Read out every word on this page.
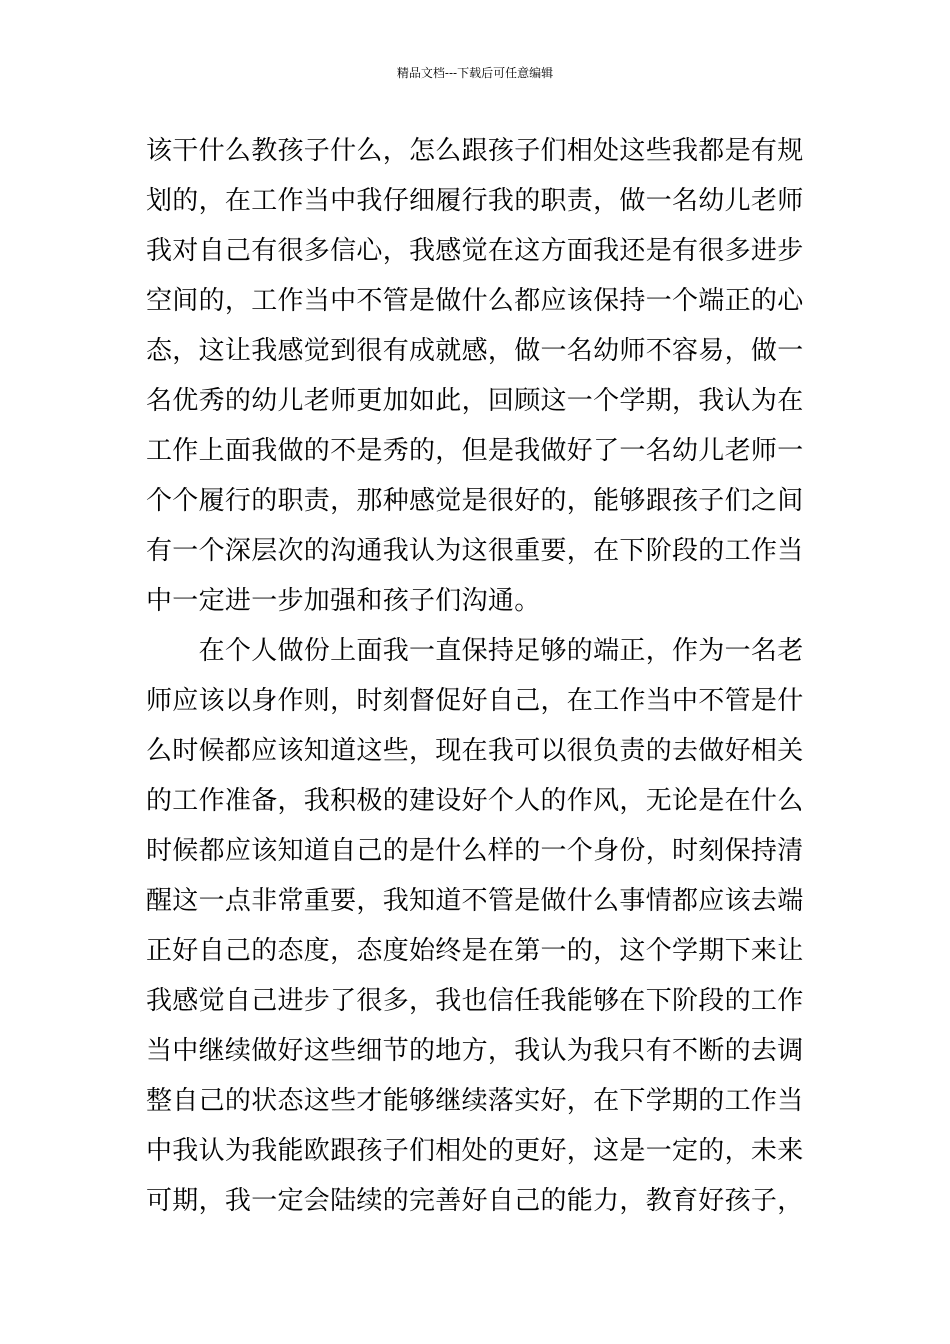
精品文档---下载后可任意编辑
该干什么教孩子什么，怎么跟孩子们相处这些我都是有规
划的，在工作当中我仔细履行我的职责，做一名幼儿老师
我对自己有很多信心，我感觉在这方面我还是有很多进步
空间的，工作当中不管是做什么都应该保持一个端正的心
态，这让我感觉到很有成就感，做一名幼师不容易，做一
名优秀的幼儿老师更加如此，回顾这一个学期，我认为在
工作上面我做的不是秀的，但是我做好了一名幼儿老师一
个个履行的职责，那种感觉是很好的，能够跟孩子们之间
有一个深层次的沟通我认为这很重要，在下阶段的工作当
中一定进一步加强和孩子们沟通。
　　在个人做份上面我一直保持足够的端正，作为一名老
师应该以身作则，时刻督促好自己，在工作当中不管是什
么时候都应该知道这些，现在我可以很负责的去做好相关
的工作准备，我积极的建设好个人的作风，无论是在什么
时候都应该知道自己的是什么样的一个身份，时刻保持清
醒这一点非常重要，我知道不管是做什么事情都应该去端
正好自己的态度，态度始终是在第一的，这个学期下来让
我感觉自己进步了很多，我也信任我能够在下阶段的工作
当中继续做好这些细节的地方，我认为我只有不断的去调
整自己的状态这些才能够继续落实好，在下学期的工作当
中我认为我能欧跟孩子们相处的更好，这是一定的，未来
可期，我一定会陆续的完善好自己的能力，教育好孩子，
